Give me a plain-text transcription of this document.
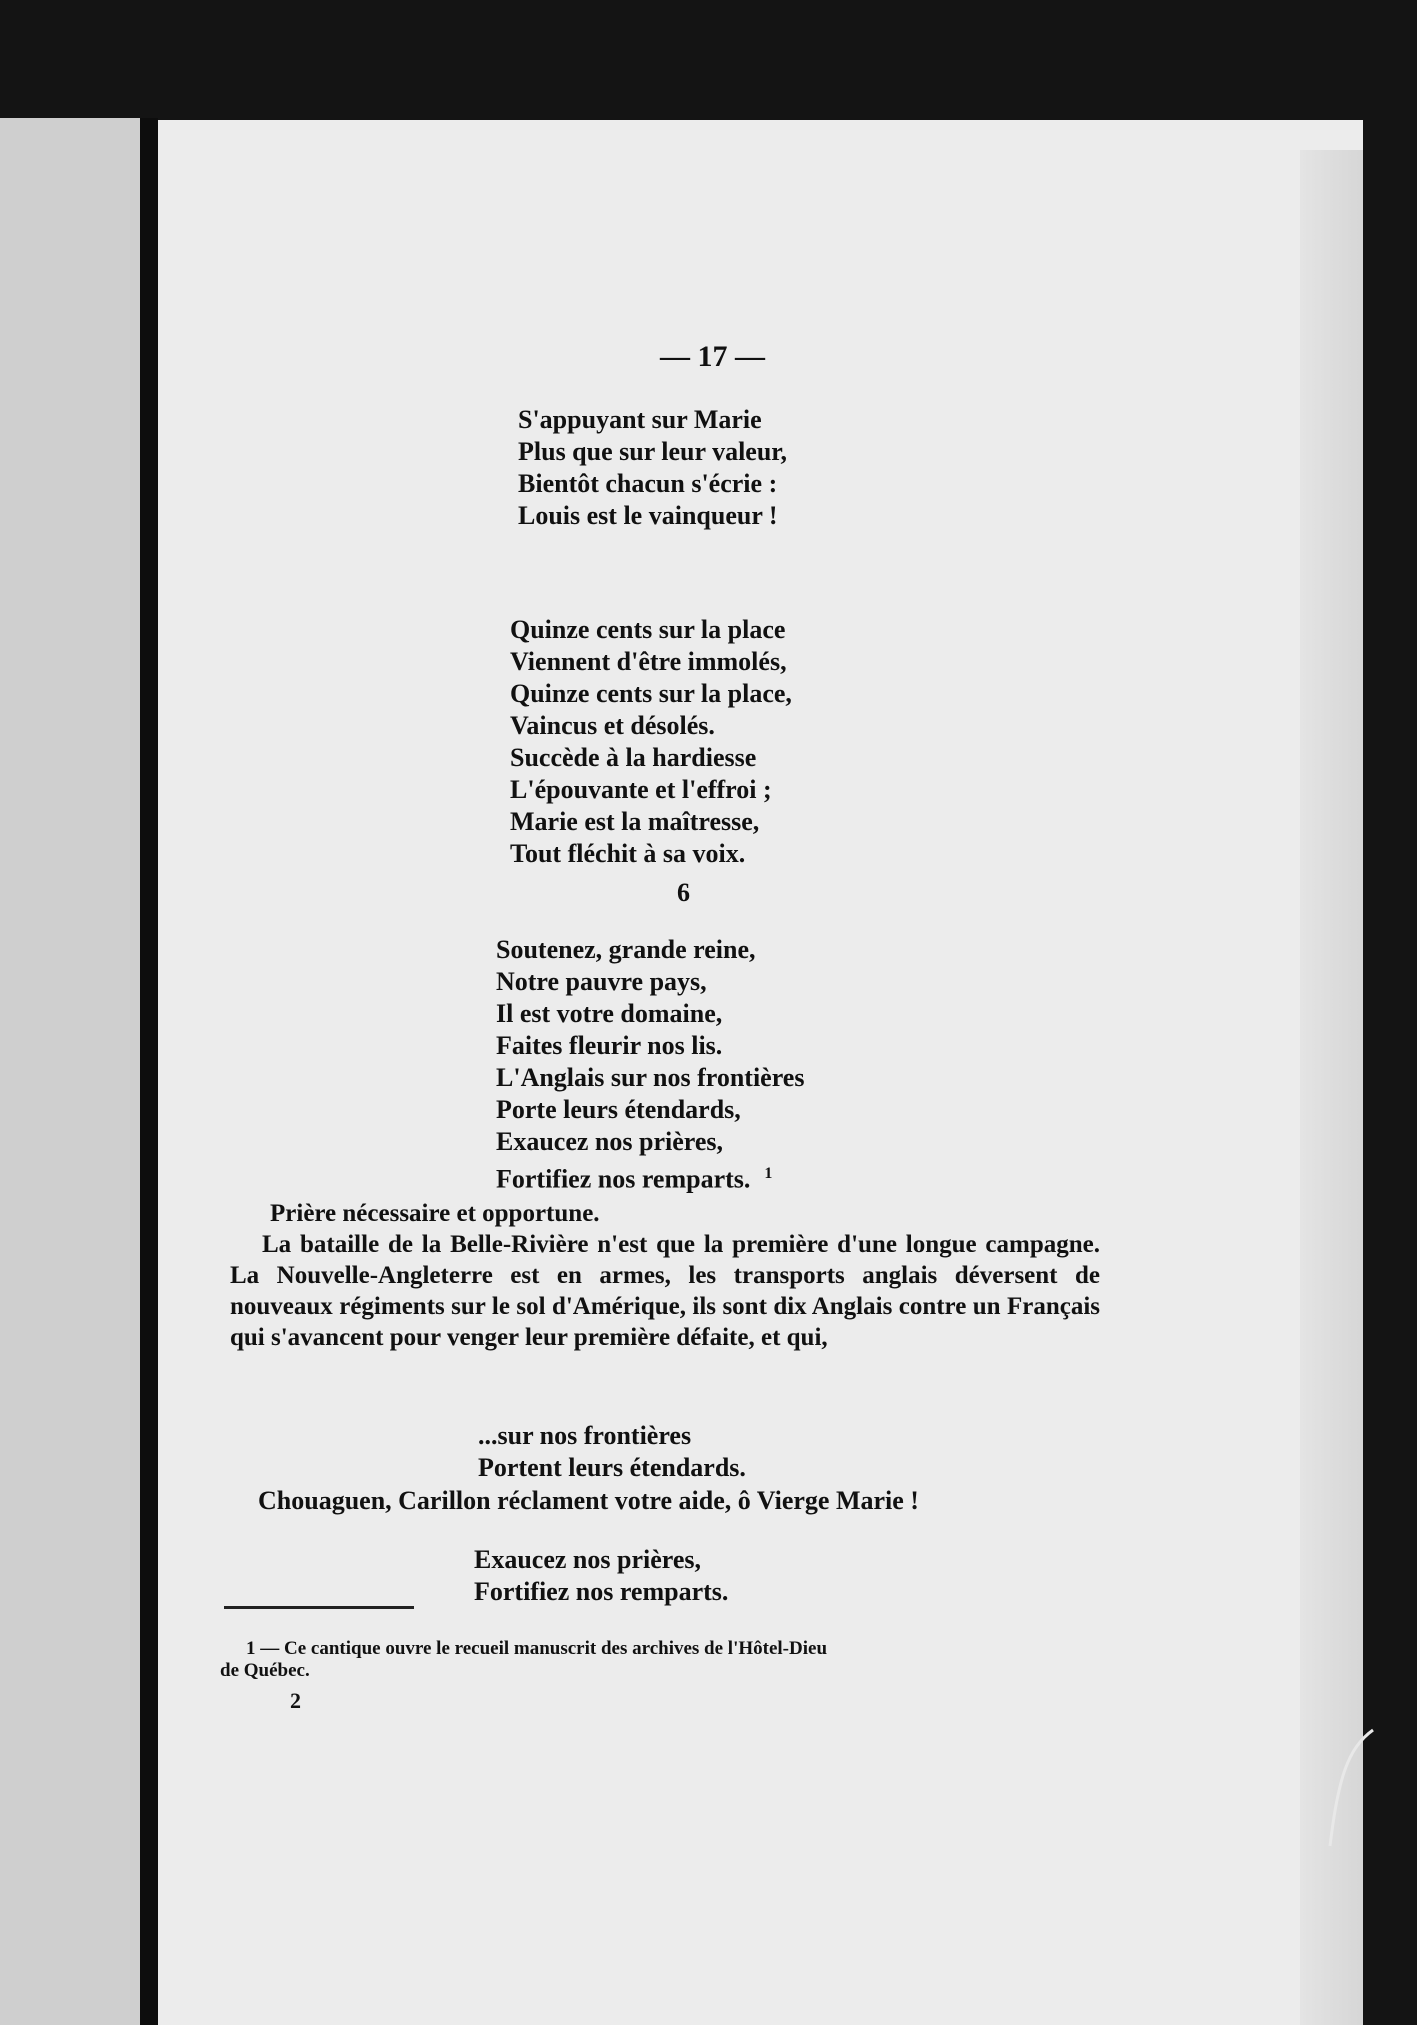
— 17 —
S'appuyant sur Marie
Plus que sur leur valeur,
Bientôt chacun s'écrie :
Louis est le vainqueur !
Quinze cents sur la place
Viennent d'être immolés,
Quinze cents sur la place,
Vaincus et désolés.
Succède à la hardiesse
L'épouvante et l'effroi ;
Marie est la maîtresse,
Tout fléchit à sa voix.
6
Soutenez, grande reine,
Notre pauvre pays,
Il est votre domaine,
Faites fleurir nos lis.
L'Anglais sur nos frontières
Porte leurs étendards,
Exaucez nos prières,
Fortifiez nos remparts. $^1$

Prière nécessaire et opportune.

La bataille de la Belle-Rivière n'est que la première d'une longue campagne. La Nouvelle-Angleterre est en armes, les transports anglais déversent de nouveaux régiments sur le sol d'Amérique, ils sont dix Anglais contre un Français qui s'avancent pour venger leur première défaite, et qui,

...sur nos frontières
Portent leurs étendards.
Chouaguen, Carillon réclament votre aide, ô Vierge Marie !
Exaucez nos prières,
Fortifiez nos remparts.
1 — Ce cantique ouvre le recueil manuscrit des archives de l'Hôtel-Dieu
de Québec.
2
